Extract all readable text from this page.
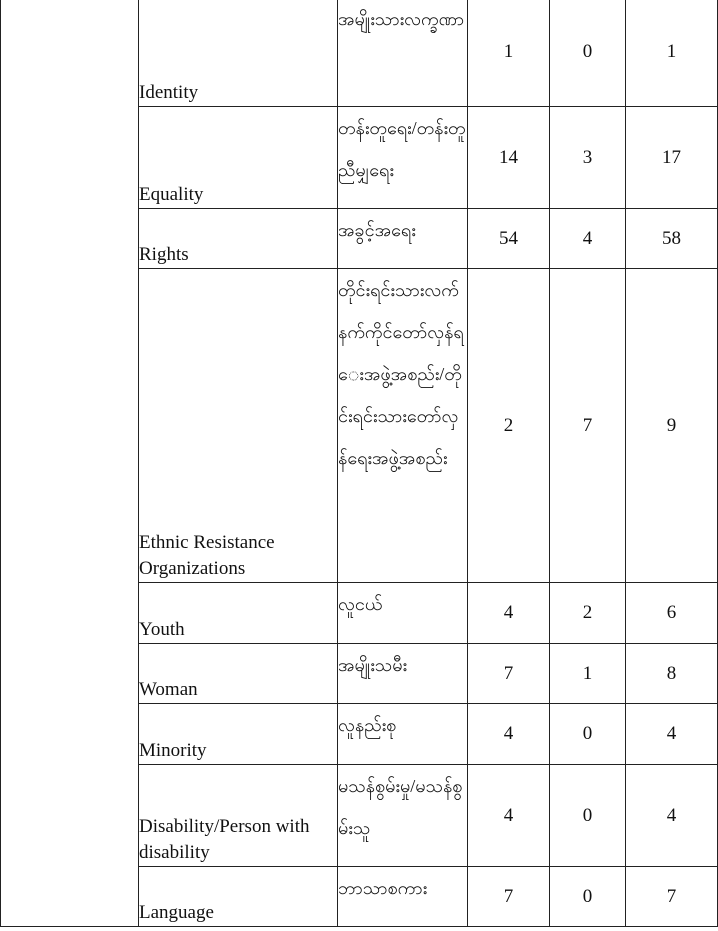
	Identity	အမျိုးသားလက္ခဏာ	1	0	1
	Equality	တန်းတူရေး/တန်းတူညီမျှရေး	14	3	17
	Rights	အခွင့်အရေး	54	4	58
	Ethnic Resistance Organizations	တိုင်းရင်းသားလက်နက်ကိုင်တော်လှန်ရေးအဖွဲ့အစည်း/တိုင်းရင်းသားတော်လှန်ရေးအဖွဲ့အစည်း	2	7	9
	Youth	လူငယ်	4	2	6
	Woman	အမျိုးသမီး	7	1	8
	Minority	လူနည်းစု	4	0	4
	Disability/Person with disability	မသန်စွမ်းမှု/မသန်စွမ်းသူ	4	0	4
	Language	ဘာသာစကား	7	0	7
